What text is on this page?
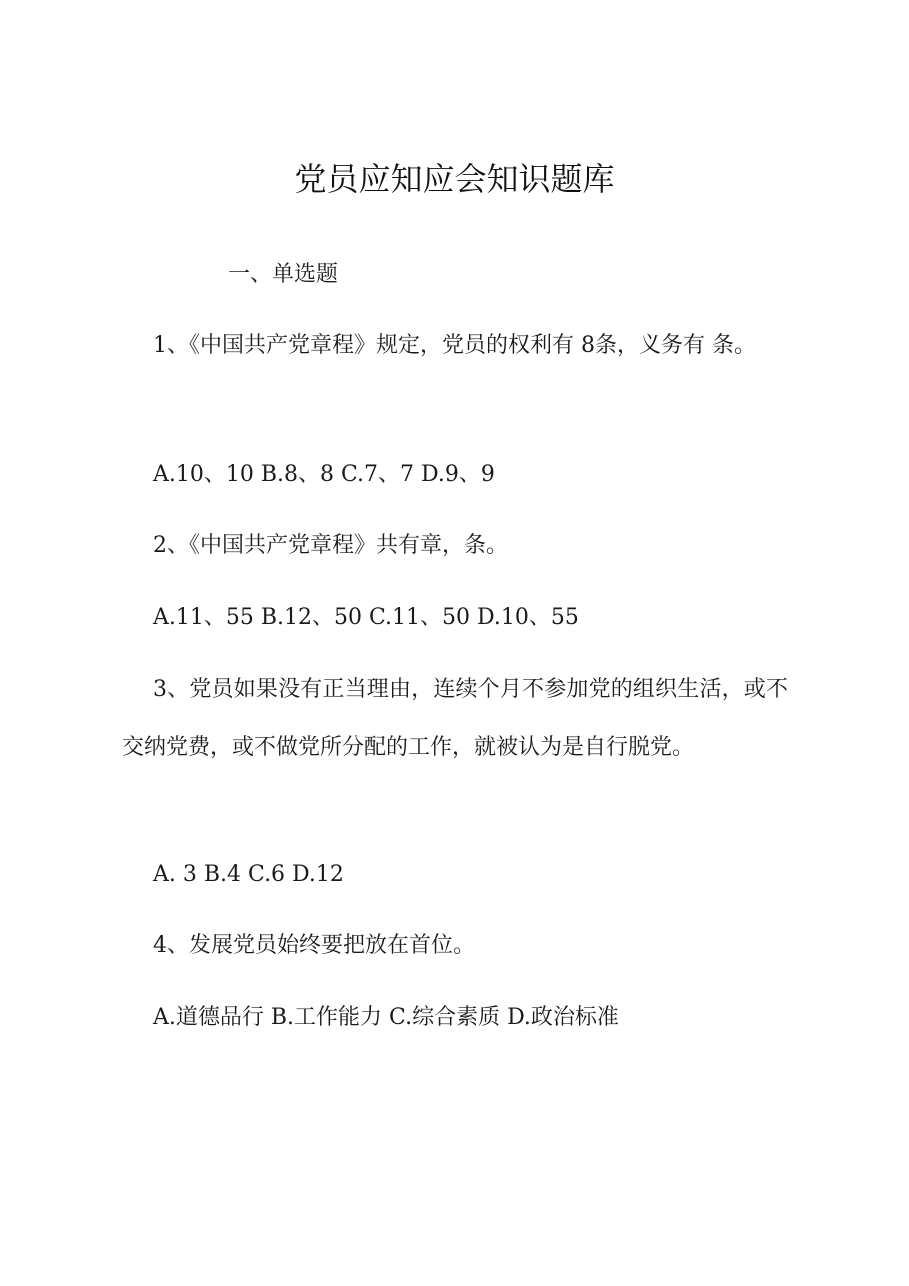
党员应知应会知识题库
一、单选题

1、《中国共产党章程》规定，党员的权利有 8条，义务有 条。

A.10、10 B.8、8 C.7、7 D.9、9

2、《中国共产党章程》共有章，条。

A.11、55 B.12、50 C.11、50 D.10、55

3、党员如果没有正当理由，连续个月不参加党的组织生活，或不交纳党费，或不做党所分配的工作，就被认为是自行脱党。

A. 3 B.4 C.6 D.12

4、发展党员始终要把放在首位。

A.道德品行 B.工作能力 C.综合素质 D.政治标准
